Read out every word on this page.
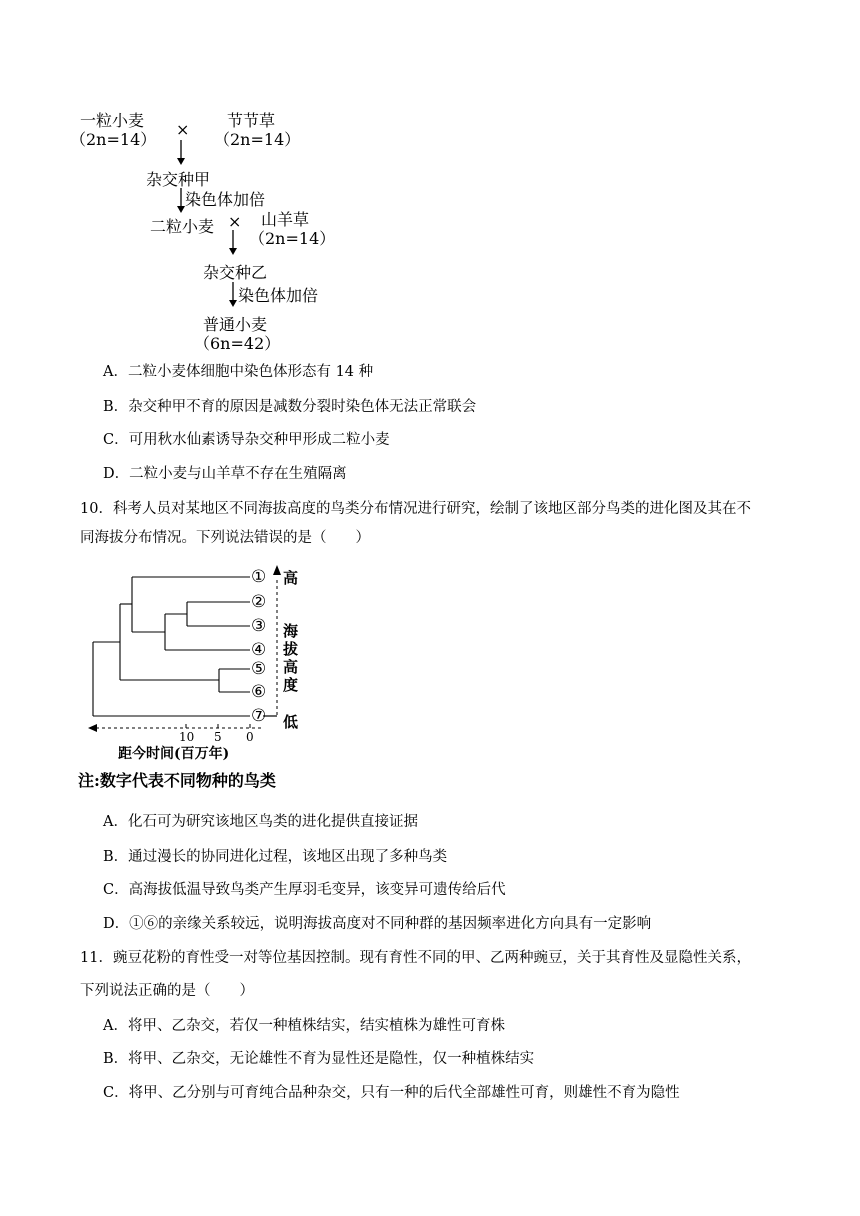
一粒小麦
（2n=14）
节节草
（2n=14）
×
杂交种甲
染色体加倍
二粒小麦 × 山羊草
（2n=14）
杂交种乙
染色体加倍
普通小麦
（6n=42）
A．二粒小麦体细胞中染色体形态有 14 种
B．杂交种甲不育的原因是减数分裂时染色体无法正常联会
C．可用秋水仙素诱导杂交种甲形成二粒小麦
D．二粒小麦与山羊草不存在生殖隔离
10．科考人员对某地区不同海拔高度的鸟类分布情况进行研究，绘制了该地区部分鸟类的进化图及其在不
同海拔分布情况。下列说法错误的是（　　）
①
②
③
④
⑤
⑥
⑦
高
海
拔
高
度
低
10 5 0
距今时间(百万年)
注:数字代表不同物种的鸟类
A．化石可为研究该地区鸟类的进化提供直接证据
B．通过漫长的协同进化过程，该地区出现了多种鸟类
C．高海拔低温导致鸟类产生厚羽毛变异，该变异可遗传给后代
D．①⑥的亲缘关系较远，说明海拔高度对不同种群的基因频率进化方向具有一定影响
11．豌豆花粉的育性受一对等位基因控制。现有育性不同的甲、乙两种豌豆，关于其育性及显隐性关系，
下列说法正确的是（　　）
A．将甲、乙杂交，若仅一种植株结实，结实植株为雄性可育株
B．将甲、乙杂交，无论雄性不育为显性还是隐性，仅一种植株结实
C．将甲、乙分别与可育纯合品种杂交，只有一种的后代全部雄性可育，则雄性不育为隐性
